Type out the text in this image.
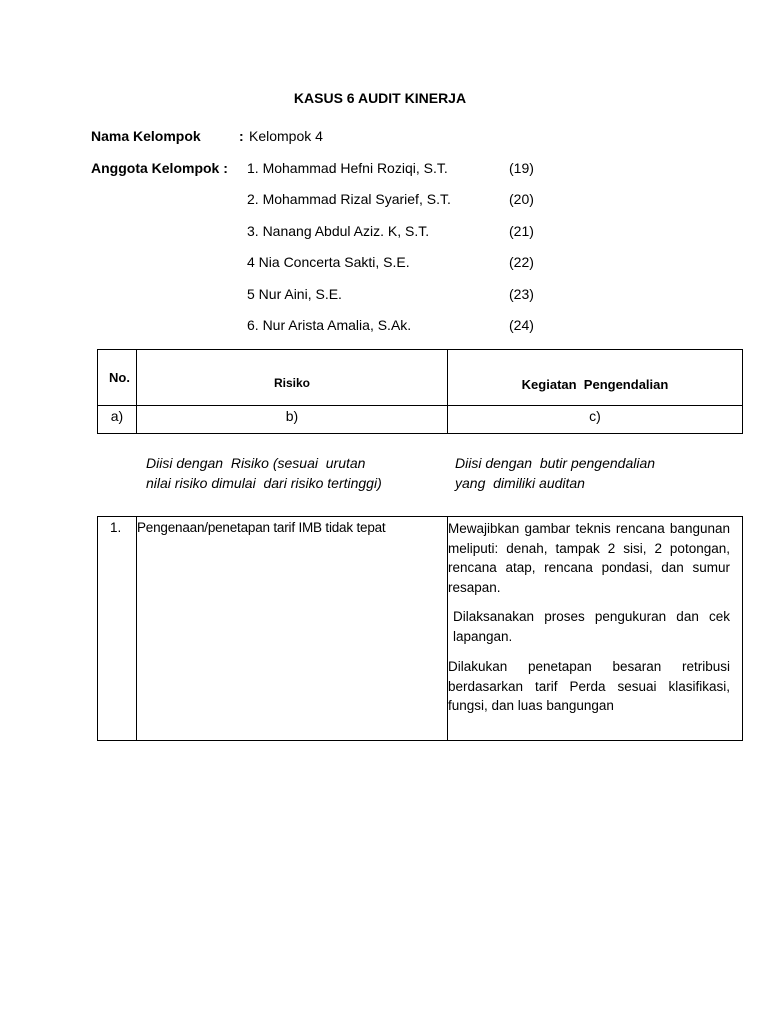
KASUS 6 AUDIT KINERJA
Nama Kelompok	: Kelompok 4
Anggota Kelompok : 1. Mohammad Hefni Roziqi, S.T.	(19)
2. Mohammad Rizal Syarief, S.T.	(20)
3. Nanang Abdul Aziz. K, S.T.	(21)
4 Nia Concerta Sakti, S.E.	(22)
5 Nur Aini, S.E.	(23)
6. Nur Arista Amalia, S.Ak.	(24)
No.	Risiko	Kegiatan  Pengendalian
a)	b)	c)
Diisi dengan  Risiko (sesuai  urutan
nilai risiko dimulai  dari risiko tertinggi)
Diisi dengan  butir pengendalian
yang  dimiliki auditan
1.	Pengenaan/penetapan tarif IMB tidak tepat	Mewajibkan gambar teknis rencana bangunan meliputi: denah, tampak 2 sisi, 2 potongan, rencana atap, rencana pondasi, dan sumur resapan.

Dilaksanakan proses pengukuran dan cek lapangan.

Dilakukan penetapan besaran retribusi berdasarkan tarif Perda sesuai klasifikasi, fungsi, dan luas bangungan
